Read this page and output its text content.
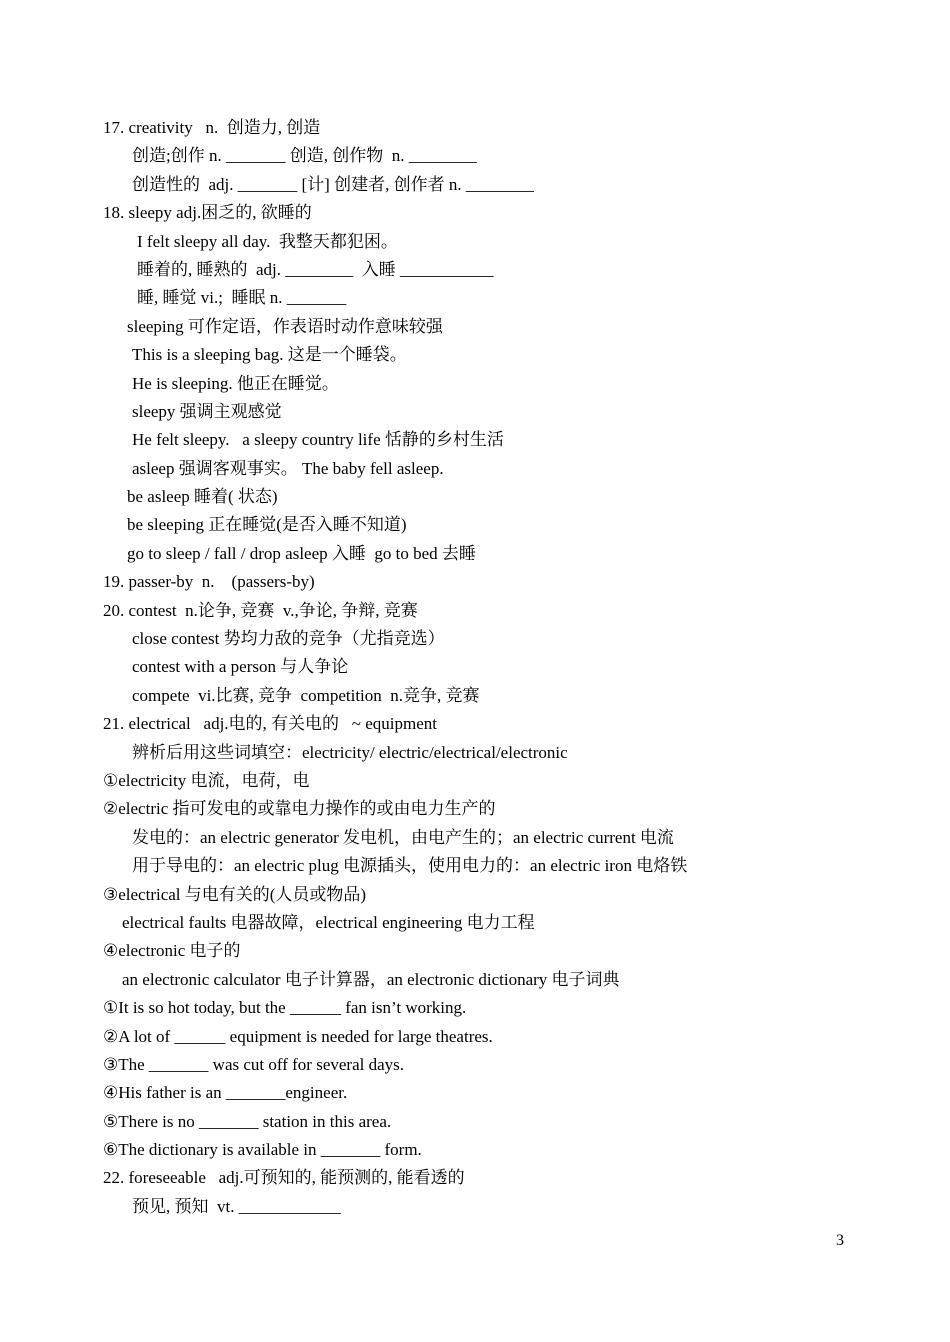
17. creativity   n.  创造力, 创造
创造;创作 n. _______ 创造, 创作物  n. ________
创造性的  adj. _______ [计] 创建者, 创作者 n. ________
18. sleepy adj.困乏的, 欲睡的
I felt sleepy all day.  我整天都犯困。
睡着的, 睡熟的  adj. ________  入睡 ___________
睡, 睡觉 vi.;  睡眠 n. _______
sleeping 可作定语，作表语时动作意味较强
This is a sleeping bag. 这是一个睡袋。
He is sleeping. 他正在睡觉。
sleepy 强调主观感觉
He felt sleepy.   a sleepy country life 恬静的乡村生活
asleep 强调客观事实。 The baby fell asleep.
be asleep 睡着( 状态)
be sleeping 正在睡觉(是否入睡不知道)
go to sleep / fall / drop asleep 入睡  go to bed 去睡
19. passer-by  n.    (passers-by)
20. contest  n.论争, 竞赛  v.,争论, 争辩, 竞赛
close contest 势均力敌的竞争（尤指竞选）
contest with a person 与人争论
compete  vi.比赛, 竞争  competition  n.竞争, 竞赛
21. electrical   adj.电的, 有关电的   ~ equipment
辨析后用这些词填空：electricity/ electric/electrical/electronic
①electricity 电流，电荷，电
②electric 指可发电的或靠电力操作的或由电力生产的
发电的：an electric generator 发电机，由电产生的；an electric current 电流
用于导电的：an electric plug 电源插头，使用电力的：an electric iron 电烙铁
③electrical 与电有关的(人员或物品)
electrical faults 电器故障，electrical engineering 电力工程
④electronic 电子的
an electronic calculator 电子计算器，an electronic dictionary 电子词典
①It is so hot today, but the ______ fan isn’t working.
②A lot of ______ equipment is needed for large theatres.
③The _______ was cut off for several days.
④His father is an _______engineer.
⑤There is no _______ station in this area.
⑥The dictionary is available in _______ form.
22. foreseeable   adj.可预知的, 能预测的, 能看透的
预见, 预知  vt. ____________
3
